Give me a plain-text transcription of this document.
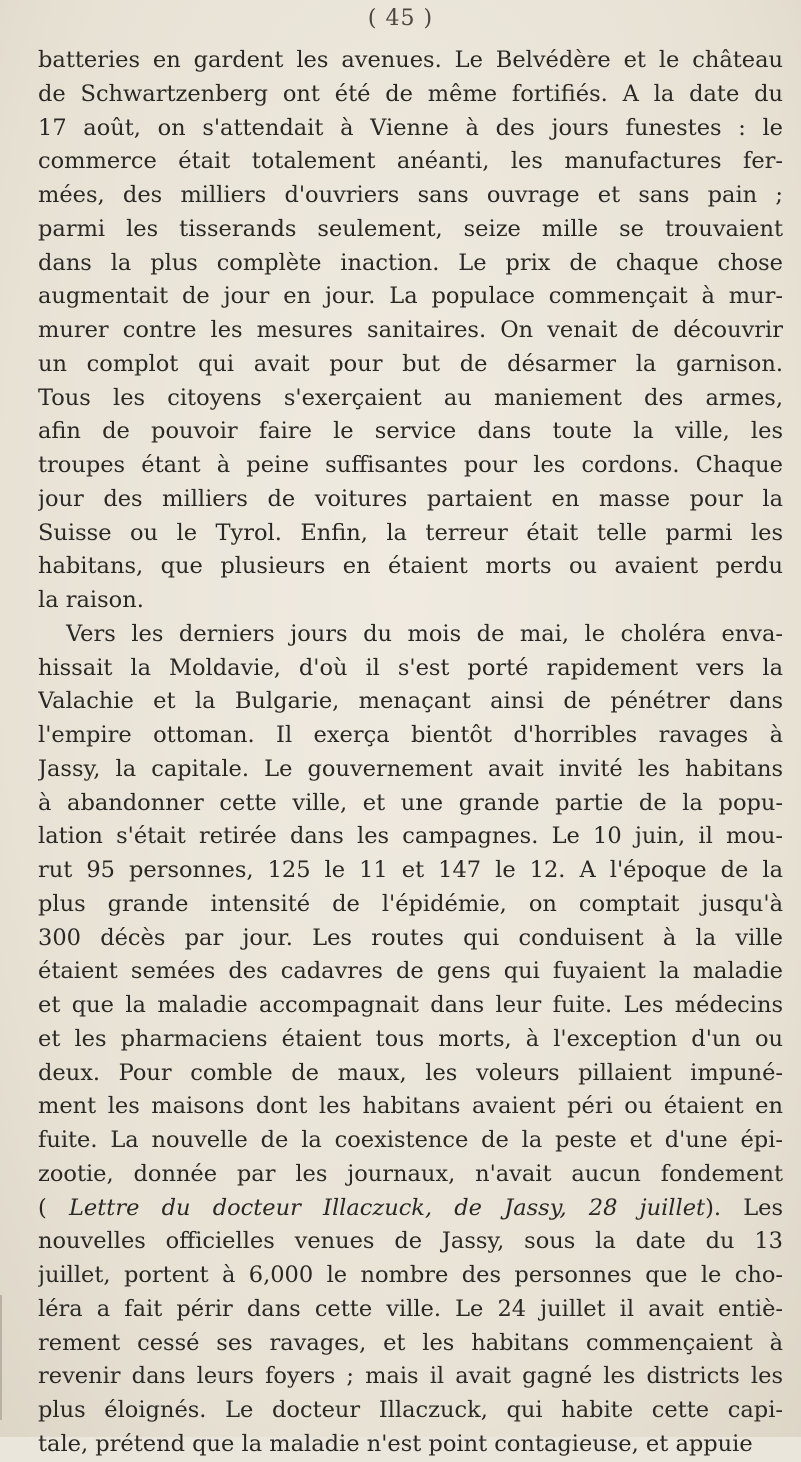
( 45 )
batteries en gardent les avenues. Le Belvédère et le château
de Schwartzenberg ont été de même fortifiés. A la date du
17 août, on s'attendait à Vienne à des jours funestes : le
commerce était totalement anéanti, les manufactures fer-
mées, des milliers d'ouvriers sans ouvrage et sans pain ;
parmi les tisserands seulement, seize mille se trouvaient
dans la plus complète inaction. Le prix de chaque chose
augmentait de jour en jour. La populace commençait à mur-
murer contre les mesures sanitaires. On venait de découvrir
un complot qui avait pour but de désarmer la garnison.
Tous les citoyens s'exerçaient au maniement des armes,
afin de pouvoir faire le service dans toute la ville, les
troupes étant à peine suffisantes pour les cordons. Chaque
jour des milliers de voitures partaient en masse pour la
Suisse ou le Tyrol. Enfin, la terreur était telle parmi les
habitans, que plusieurs en étaient morts ou avaient perdu
la raison.
Vers les derniers jours du mois de mai, le choléra enva-
hissait la Moldavie, d'où il s'est porté rapidement vers la
Valachie et la Bulgarie, menaçant ainsi de pénétrer dans
l'empire ottoman. Il exerça bientôt d'horribles ravages à
Jassy, la capitale. Le gouvernement avait invité les habitans
à abandonner cette ville, et une grande partie de la popu-
lation s'était retirée dans les campagnes. Le 10 juin, il mou-
rut 95 personnes, 125 le 11 et 147 le 12. A l'époque de la
plus grande intensité de l'épidémie, on comptait jusqu'à
300 décès par jour. Les routes qui conduisent à la ville
étaient semées des cadavres de gens qui fuyaient la maladie
et que la maladie accompagnait dans leur fuite. Les médecins
et les pharmaciens étaient tous morts, à l'exception d'un ou
deux. Pour comble de maux, les voleurs pillaient impuné-
ment les maisons dont les habitans avaient péri ou étaient en
fuite. La nouvelle de la coexistence de la peste et d'une épi-
zootie, donnée par les journaux, n'avait aucun fondement
( Lettre du docteur Illaczuck, de Jassy, 28 juillet). Les
nouvelles officielles venues de Jassy, sous la date du 13
juillet, portent à 6,000 le nombre des personnes que le cho-
léra a fait périr dans cette ville. Le 24 juillet il avait entiè-
rement cessé ses ravages, et les habitans commençaient à
revenir dans leurs foyers ; mais il avait gagné les districts les
plus éloignés. Le docteur Illaczuck, qui habite cette capi-
tale, prétend que la maladie n'est point contagieuse, et appuie
